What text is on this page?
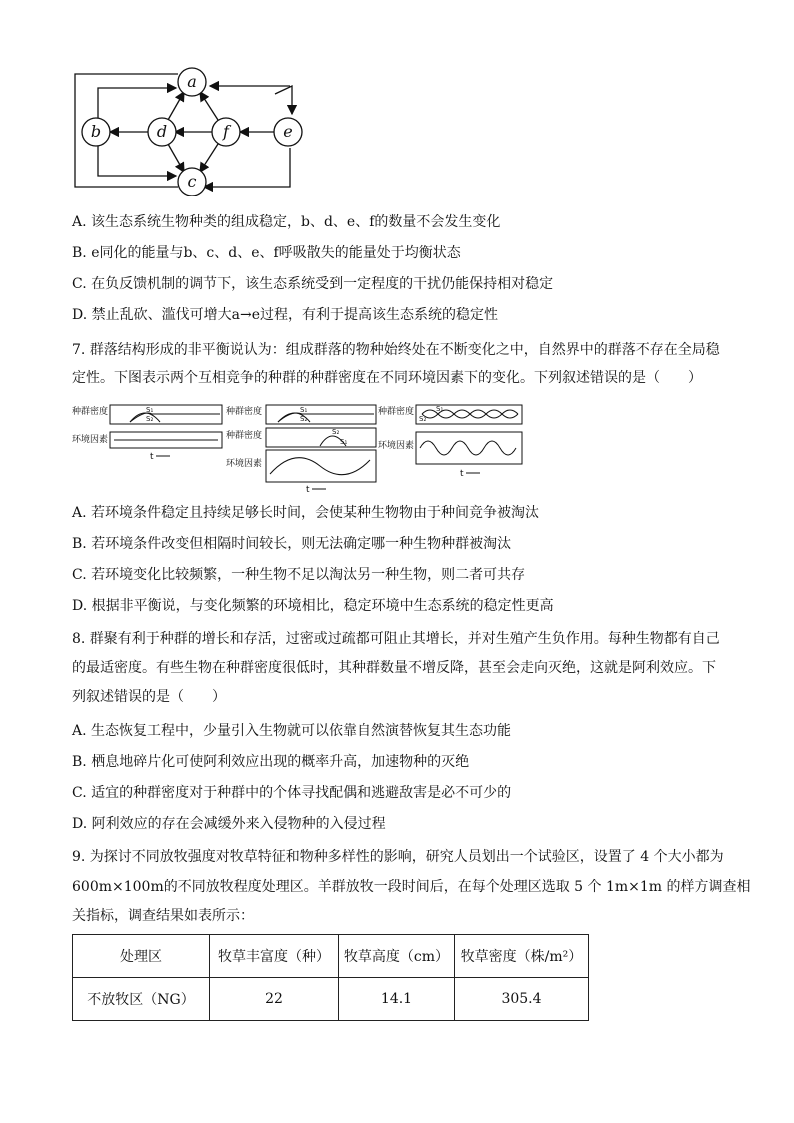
a
b
c
d	e
f
A. 该生态系统生物种类的组成稳定，b、d、e、f的数量不会发生变化
B. e同化的能量与b、c、d、e、f呼吸散失的能量处于均衡状态
C. 在负反馈机制的调节下，该生态系统受到一定程度的干扰仍能保持相对稳定
D. 禁止乱砍、滥伐可增大a→e过程，有利于提高该生态系统的稳定性
7. 群落结构形成的非平衡说认为：组成群落的物种始终处在不断变化之中，自然界中的群落不存在全局稳
定性。下图表示两个互相竞争的种群的种群密度在不同环境因素下的变化。下列叙述错误的是（　　）
种群密度	S₁
S₂
环境因素
t
种群密度	S₁
S₂
种群密度	S₂
S₁
环境因素
t
种群密度	S₁
S₂
环境因素
t
A. 若环境条件稳定且持续足够长时间，会使某种生物物由于种间竞争被淘汰
B. 若环境条件改变但相隔时间较长，则无法确定哪一种生物种群被淘汰
C. 若环境变化比较频繁，一种生物不足以淘汰另一种生物，则二者可共存
D. 根据非平衡说，与变化频繁的环境相比，稳定环境中生态系统的稳定性更高
8. 群聚有利于种群的增长和存活，过密或过疏都可阻止其增长，并对生殖产生负作用。每种生物都有自己
的最适密度。有些生物在种群密度很低时，其种群数量不增反降，甚至会走向灭绝，这就是阿利效应。下
列叙述错误的是（　　）
A. 生态恢复工程中，少量引入生物就可以依靠自然演替恢复其生态功能
B. 栖息地碎片化可使阿利效应出现的概率升高，加速物种的灭绝
C. 适宜的种群密度对于种群中的个体寻找配偶和逃避敌害是必不可少的
D. 阿利效应的存在会减缓外来入侵物种的入侵过程
9. 为探讨不同放牧强度对牧草特征和物种多样性的影响，研究人员划出一个试验区，设置了 4 个大小都为
600m×100m的不同放牧程度处理区。羊群放牧一段时间后，在每个处理区选取 5 个 1m×1m 的样方调查相
关指标，调查结果如表所示：
处理区	牧草丰富度（种）	牧草高度（cm）	牧草密度（株/m²）
不放牧区（NG）	22	14.1	305.4
